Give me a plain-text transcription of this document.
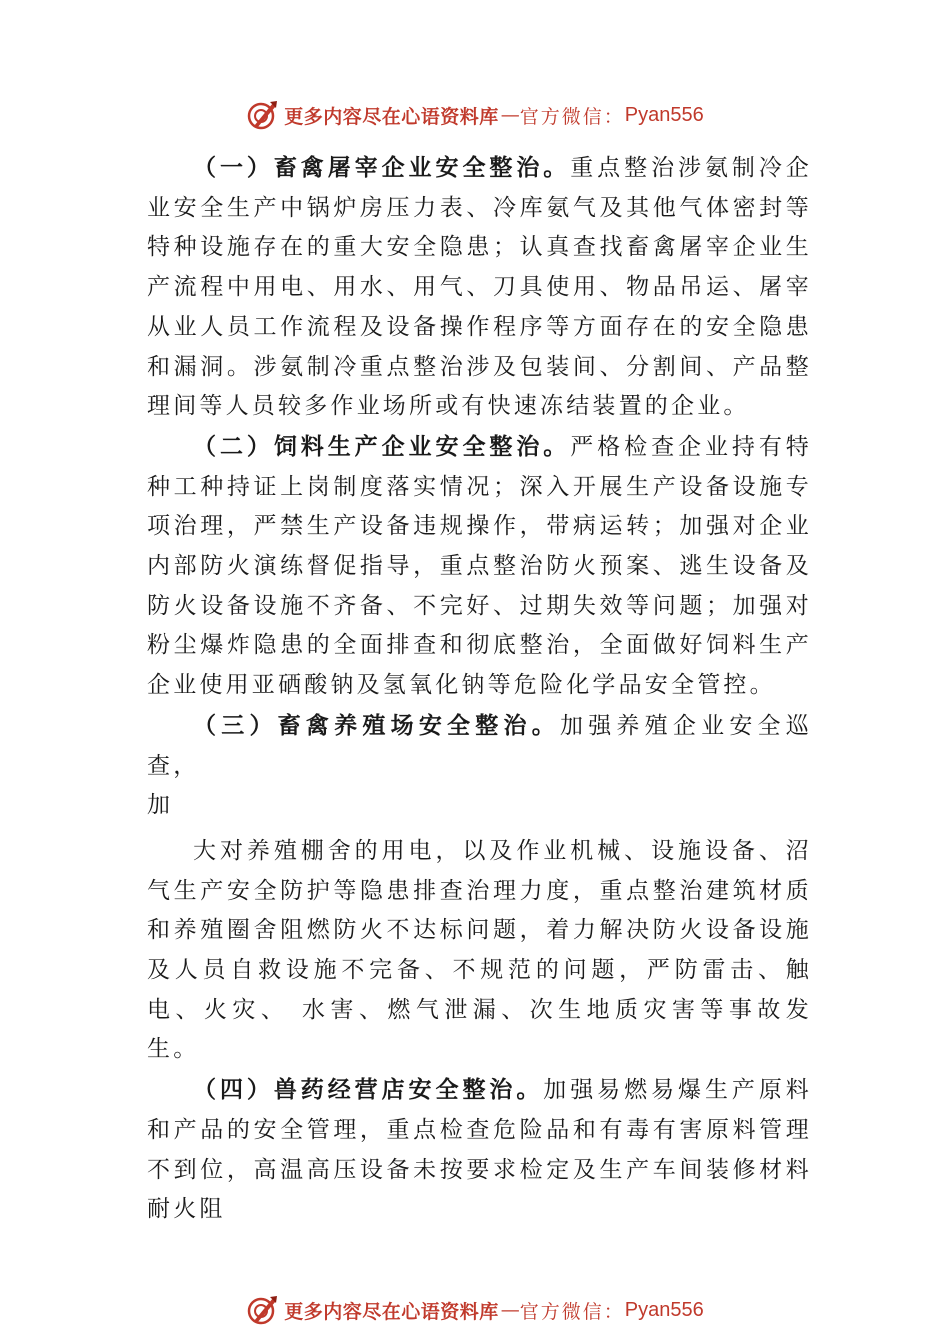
更多内容尽在心语资料库 — 官方微信： Pyan556

（一）畜禽屠宰企业安全整治。重点整治涉氨制冷企业安全生产中锅炉房压力表、冷库氨气及其他气体密封等特种设施存在的重大安全隐患；认真查找畜禽屠宰企业生产流程中用电、用水、用气、刀具使用、物品吊运、屠宰从业人员工作流程及设备操作程序等方面存在的安全隐患和漏洞。涉氨制冷重点整治涉及包装间、分割间、产品整理间等人员较多作业场所或有快速冻结装置的企业。

（二）饲料生产企业安全整治。严格检查企业持有特种工种持证上岗制度落实情况；深入开展生产设备设施专项治理，严禁生产设备违规操作，带病运转；加强对企业内部防火演练督促指导，重点整治防火预案、逃生设备及防火设备设施不齐备、不完好、过期失效等问题；加强对粉尘爆炸隐患的全面排查和彻底整治，全面做好饲料生产企业使用亚硒酸钠及氢氧化钠等危险化学品安全管控。

（三）畜禽养殖场安全整治。加强养殖企业安全巡查，

加

大对养殖棚舍的用电，以及作业机械、设施设备、沼气生产安全防护等隐患排查治理力度，重点整治建筑材质和养殖圈舍阻燃防火不达标问题，着力解决防火设备设施及人员自救设施不完备、不规范的问题，严防雷击、触电、火灾、 水害、燃气泄漏、次生地质灾害等事故发生。

（四）兽药经营店安全整治。加强易燃易爆生产原料和产品的安全管理，重点检查危险品和有毒有害原料管理不到位，高温高压设备未按要求检定及生产车间装修材料耐火阻

更多内容尽在心语资料库 — 官方微信： Pyan556
